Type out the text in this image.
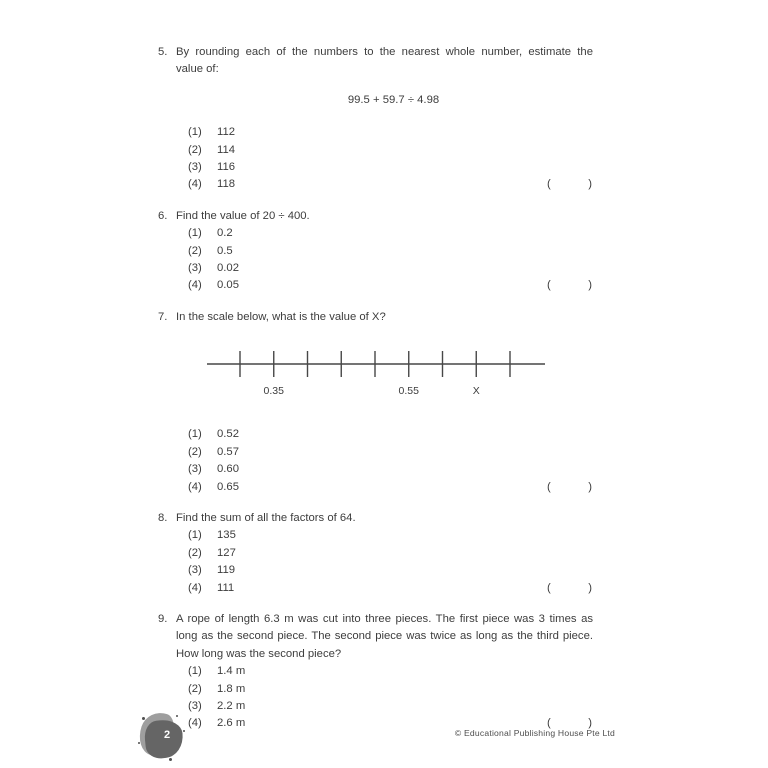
5. By rounding each of the numbers to the nearest whole number, estimate the
value of:

99.5 + 59.7 ÷ 4.98

(1)	112
(2)	114
(3)	116
(4)	118	(	)
6. Find the value of 20 ÷ 400.
(1)	0.2
(2)	0.5
(3)	0.02
(4)	0.05	(	)
7. In the scale below, what is the value of X?
0.35	0.55	X
(1)	0.52
(2)	0.57
(3)	0.60
(4)	0.65	(	)
8. Find the sum of all the factors of 64.
(1)	135
(2)	127
(3)	119
(4)	111	(	)
9. A rope of length 6.3 m was cut into three pieces. The first piece was 3 times as
long as the second piece. The second piece was twice as long as the third piece.
How long was the second piece?
(1)	1.4 m
(2)	1.8 m
(3)	2.2 m
(4)	2.6 m	(	)
2	© Educational Publishing House Pte Ltd
